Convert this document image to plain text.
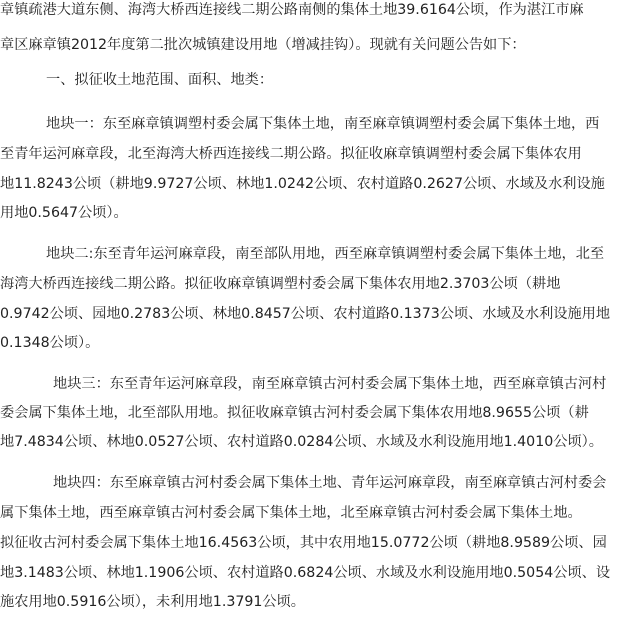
章镇疏港大道东侧、海湾大桥西连接线二期公路南侧的集体土地39.6164公顷，作为湛江市麻
章区麻章镇2012年度第二批次城镇建设用地（增减挂钩）。现就有关问题公告如下：
一、拟征收土地范围、面积、地类：
地块一：东至麻章镇调塑村委会属下集体土地，南至麻章镇调塑村委会属下集体土地，西
至青年运河麻章段，北至海湾大桥西连接线二期公路。拟征收麻章镇调塑村委会属下集体农用
地11.8243公顷（耕地9.9727公顷、林地1.0242公顷、农村道路0.2627公顷、水域及水利设施
用地0.5647公顷）。
地块二:东至青年运河麻章段，南至部队用地，西至麻章镇调塑村委会属下集体土地，北至
海湾大桥西连接线二期公路。拟征收麻章镇调塑村委会属下集体农用地2.3703公顷（耕地
0.9742公顷、园地0.2783公顷、林地0.8457公顷、农村道路0.1373公顷、水域及水利设施用地
0.1348公顷）。
地块三：东至青年运河麻章段，南至麻章镇古河村委会属下集体土地，西至麻章镇古河村
委会属下集体土地，北至部队用地。拟征收麻章镇古河村委会属下集体农用地8.9655公顷（耕
地7.4834公顷、林地0.0527公顷、农村道路0.0284公顷、水域及水利设施用地1.4010公顷）。
地块四：东至麻章镇古河村委会属下集体土地、青年运河麻章段，南至麻章镇古河村委会
属下集体土地，西至麻章镇古河村委会属下集体土地，北至麻章镇古河村委会属下集体土地。
拟征收古河村委会属下集体土地16.4563公顷，其中农用地15.0772公顷（耕地8.9589公顷、园
地3.1483公顷、林地1.1906公顷、农村道路0.6824公顷、水域及水利设施用地0.5054公顷、设
施农用地0.5916公顷），未利用地1.3791公顷。
